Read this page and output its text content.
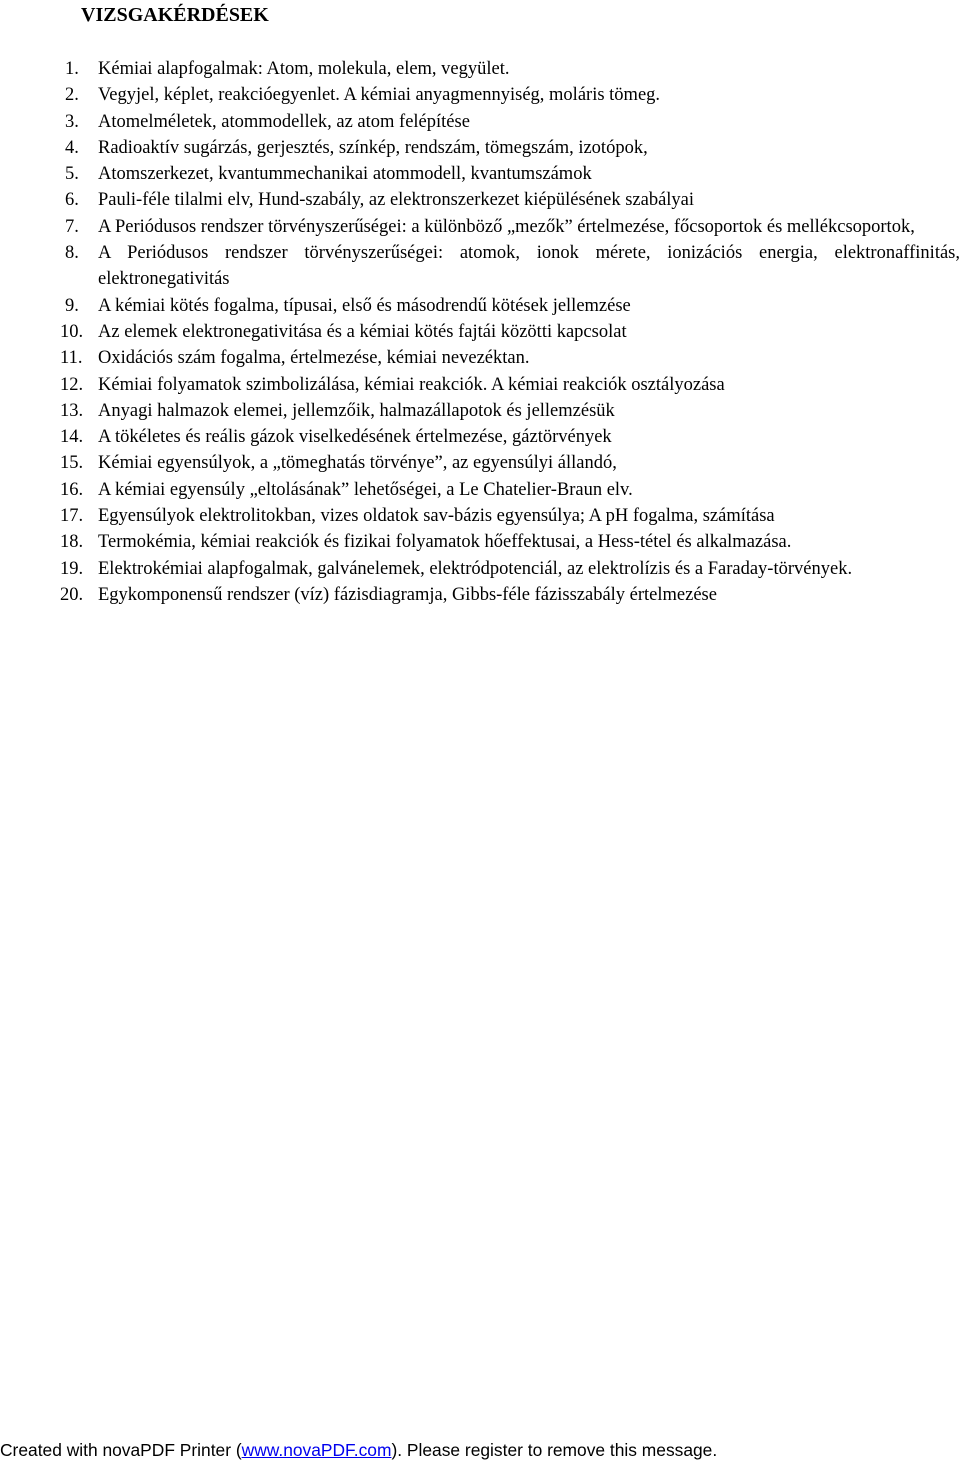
VIZSGAKÉRDÉSEK
1.	Kémiai alapfogalmak: Atom, molekula, elem, vegyület.
2.	Vegyjel, képlet, reakcióegyenlet. A kémiai anyagmennyiség, moláris tömeg.
3.	Atomelméletek, atommodellek, az atom felépítése
4.	Radioaktív sugárzás, gerjesztés, színkép, rendszám, tömegszám, izotópok,
5.	Atomszerkezet, kvantummechanikai atommodell, kvantumszámok
6.	Pauli-féle tilalmi elv, Hund-szabály, az elektronszerkezet kiépülésének szabályai
7.	A Periódusos rendszer törvényszerűségei: a különböző „mezők” értelmezése, főcsoportok és mellékcsoportok,
8.	A Periódusos rendszer törvényszerűségei: atomok, ionok mérete, ionizációs energia, elektronaffinitás, elektronegativitás
9.	A kémiai kötés fogalma, típusai, első és másodrendű kötések jellemzése
10. Az elemek elektronegativitása és a kémiai kötés fajtái közötti kapcsolat
11. Oxidációs szám fogalma, értelmezése, kémiai nevezéktan.
12. Kémiai folyamatok szimbolizálása, kémiai reakciók. A kémiai reakciók osztályozása
13. Anyagi halmazok elemei, jellemzőik, halmazállapotok és jellemzésük
14. A tökéletes és reális gázok viselkedésének értelmezése, gáztörvények
15. Kémiai egyensúlyok, a „tömeghatás törvénye”, az egyensúlyi állandó,
16. A kémiai egyensúly „eltolásának” lehetőségei, a Le Chatelier-Braun elv.
17. Egyensúlyok elektrolitokban, vizes oldatok sav-bázis egyensúlya; A pH fogalma, számítása
18. Termokémia, kémiai reakciók és fizikai folyamatok hőeffektusai, a Hess-tétel és alkalmazása.
19. Elektrokémiai alapfogalmak, galvánelemek, elektródpotenciál, az elektrolízis és a Faraday-törvények.
20. Egykomponensű rendszer (víz) fázisdiagramja, Gibbs-féle fázisszabály értelmezése
Created with novaPDF Printer (www.novaPDF.com). Please register to remove this message.
